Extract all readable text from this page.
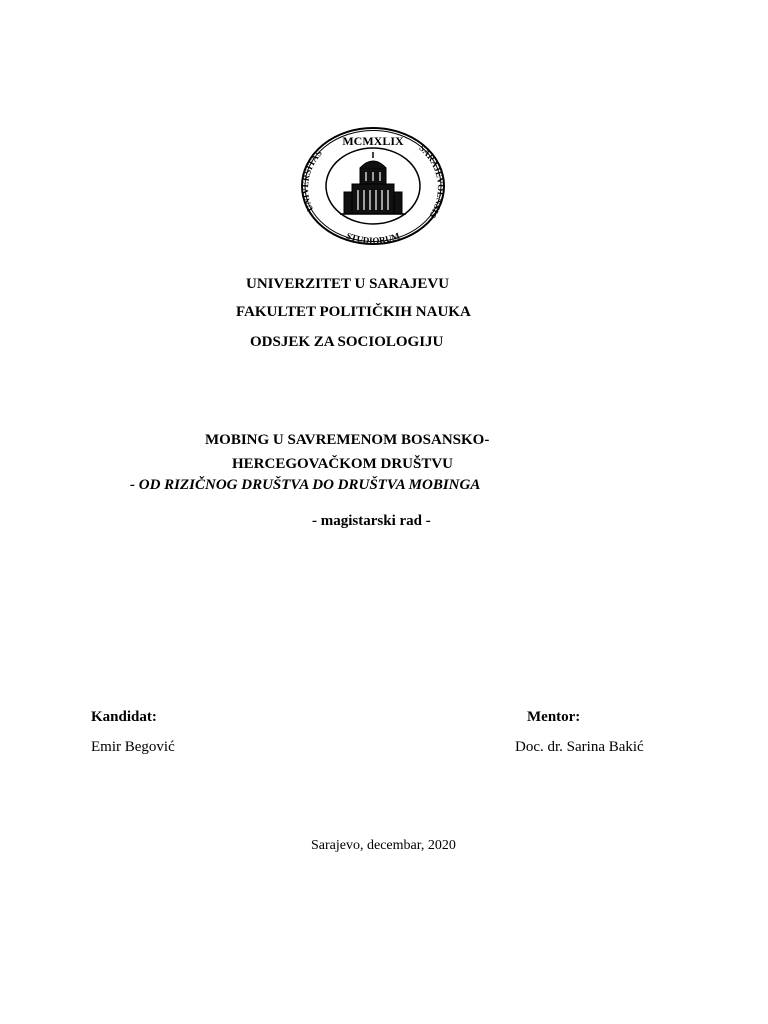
MCMXLIX
UNIVERSITAS
STUDIORUM
SARAJEVOENSIS
UNIVERZITET U SARAJEVU
FAKULTET POLITIČKIH NAUKA
ODSJEK ZA SOCIOLOGIJU
MOBING U SAVREMENOM BOSANSKO-
HERCEGOVAČKOM DRUŠTVU
- OD RIZIČNOG DRUŠTVA DO DRUŠTVA MOBINGA
- magistarski rad -
Kandidat:
Emir Begović
Mentor:
Doc. dr. Sarina Bakić
Sarajevo, decembar, 2020
